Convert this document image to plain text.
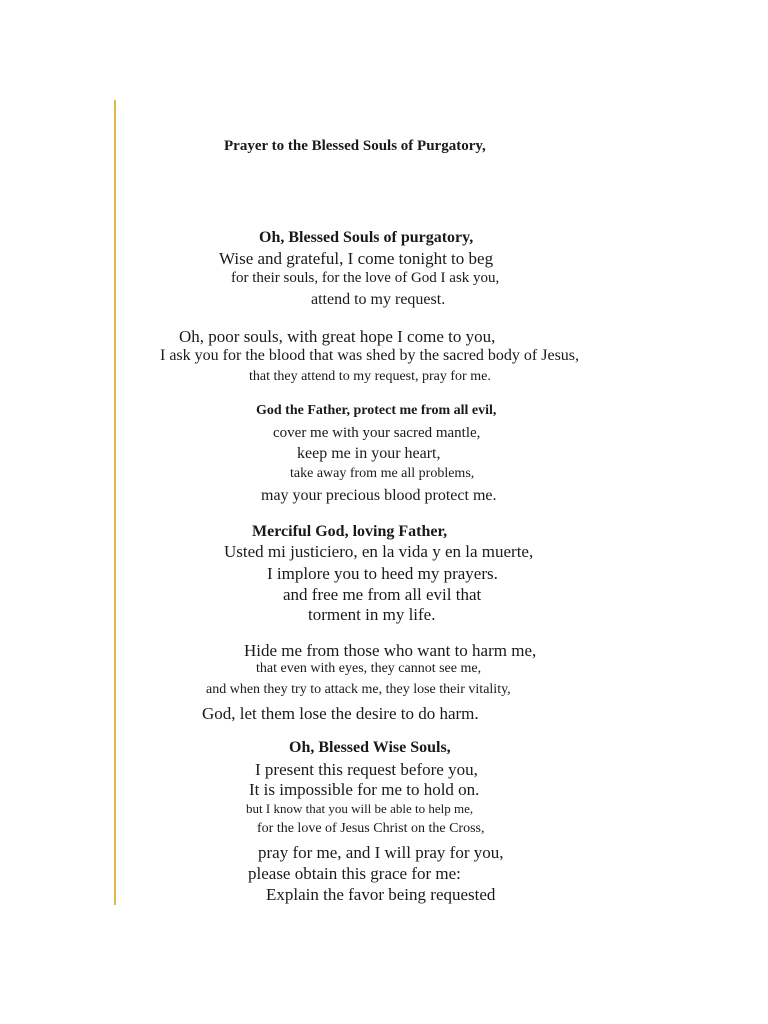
Prayer to the Blessed Souls of Purgatory,
Oh, Blessed Souls of purgatory,
Wise and grateful, I come tonight to beg
for their souls, for the love of God I ask you,
attend to my request.
Oh, poor souls, with great hope I come to you,
I ask you for the blood that was shed by the sacred body of Jesus,
that they attend to my request, pray for me.
God the Father, protect me from all evil,
cover me with your sacred mantle,
keep me in your heart,
take away from me all problems,
may your precious blood protect me.
Merciful God, loving Father,
Usted mi justiciero, en la vida y en la muerte,
I implore you to heed my prayers.
and free me from all evil that
torment in my life.
Hide me from those who want to harm me,
that even with eyes, they cannot see me,
and when they try to attack me, they lose their vitality,
God, let them lose the desire to do harm.
Oh, Blessed Wise Souls,
I present this request before you,
It is impossible for me to hold on.
but I know that you will be able to help me,
for the love of Jesus Christ on the Cross,
pray for me, and I will pray for you,
please obtain this grace for me:
Explain the favor being requested
